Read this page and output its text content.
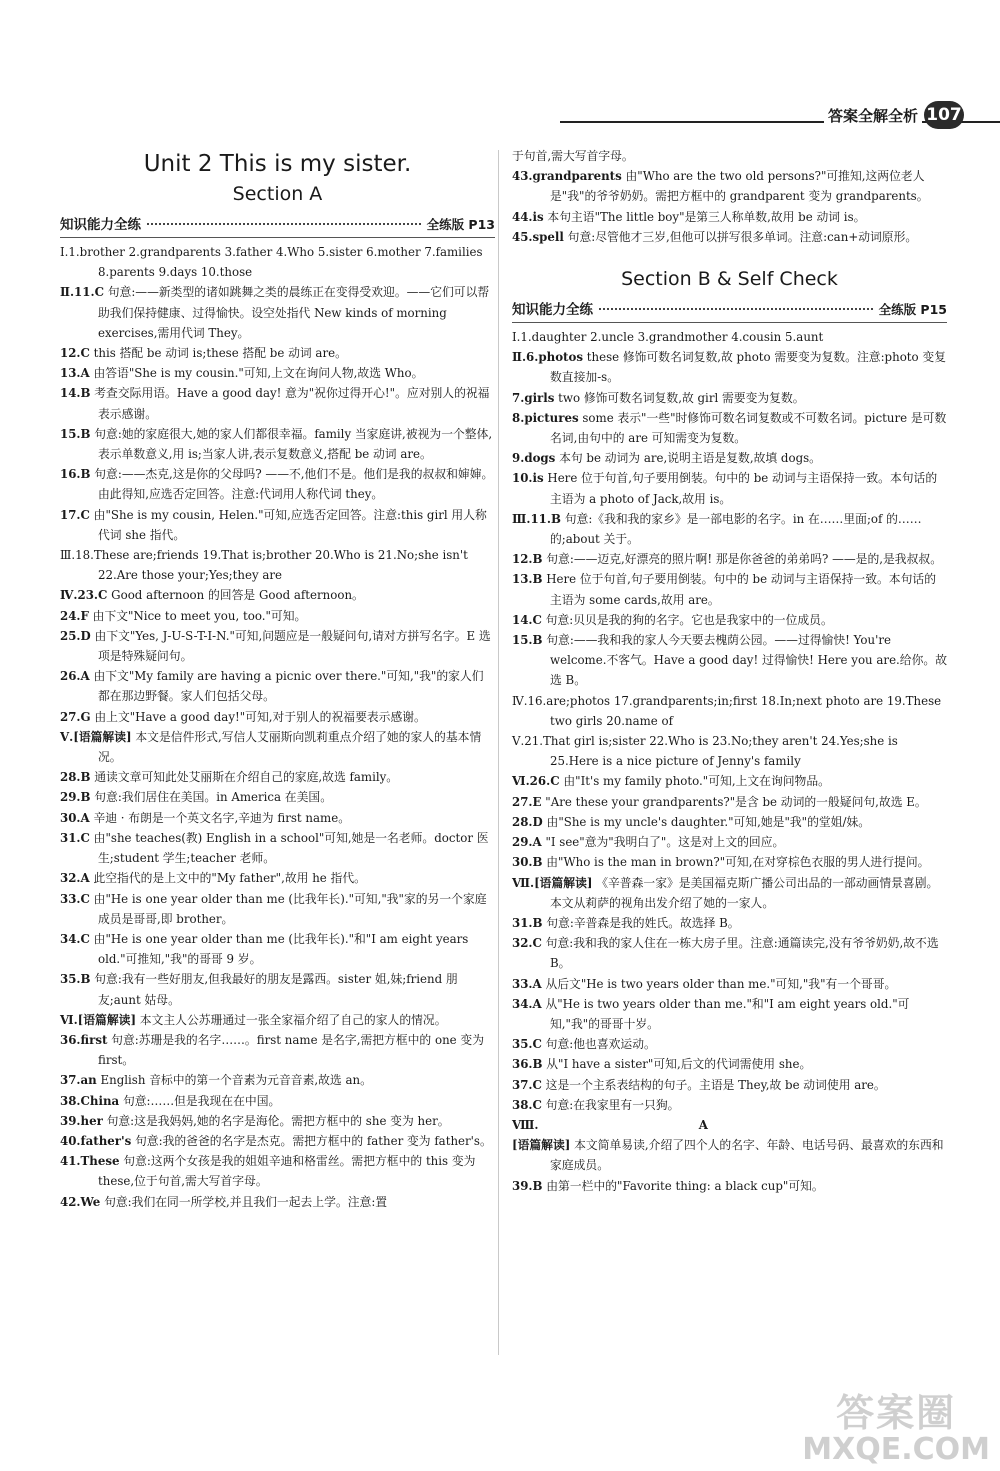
答案全解全析 107
Unit 2 This is my sister.
Section A
知识能力全练	全练版 P13
Ⅰ.1.brother 2.grandparents 3.father 4.Who 5.sister 6.mother 7.families 8.parents 9.days 10.those
Ⅱ.11.C 句意:——新类型的诸如跳舞之类的晨练正在变得受欢迎。——它们可以帮助我们保持健康、过得愉快。设空处指代 New kinds of morning exercises,需用代词 They。
12.C this 搭配 be 动词 is;these 搭配 be 动词 are。
13.A 由答语"She is my cousin."可知,上文在询问人物,故选 Who。
14.B 考查交际用语。Have a good day! 意为"祝你过得开心!"。应对别人的祝福表示感谢。
15.B 句意:她的家庭很大,她的家人们都很幸福。family 当家庭讲,被视为一个整体,表示单数意义,用 is;当家人讲,表示复数意义,搭配 be 动词 are。
16.B 句意:——杰克,这是你的父母吗? ——不,他们不是。他们是我的叔叔和婶婶。由此得知,应选否定回答。注意:代词用人称代词 they。
17.C 由"She is my cousin, Helen."可知,应选否定回答。注意:this girl 用人称代词 she 指代。
Ⅲ.18.These are;friends 19.That is;brother 20.Who is 21.No;she isn't 22.Are those your;Yes;they are
Ⅳ.23.C Good afternoon 的回答是 Good afternoon。
24.F 由下文"Nice to meet you, too."可知。
25.D 由下文"Yes, J-U-S-T-I-N."可知,问题应是一般疑问句,请对方拼写名字。E 选项是特殊疑问句。
26.A 由下文"My family are having a picnic over there."可知,"我"的家人们都在那边野餐。家人们包括父母。
27.G 由上文"Have a good day!"可知,对于别人的祝福要表示感谢。
Ⅴ.[语篇解读] 本文是信件形式,写信人艾丽斯向凯莉重点介绍了她的家人的基本情况。
28.B 通读文章可知此处艾丽斯在介绍自己的家庭,故选 family。
29.B 句意:我们居住在美国。in America 在美国。
30.A 辛迪 · 布朗是一个英文名字,辛迪为 first name。
31.C 由"she teaches(教) English in a school"可知,她是一名老师。doctor 医生;student 学生;teacher 老师。
32.A 此空指代的是上文中的"My father",故用 he 指代。
33.C 由"He is one year older than me (比我年长)."可知,"我"家的另一个家庭成员是哥哥,即 brother。
34.C 由"He is one year older than me (比我年长)."和"I am eight years old."可推知,"我"的哥哥 9 岁。
35.B 句意:我有一些好朋友,但我最好的朋友是露西。sister 姐,妹;friend 朋友;aunt 姑母。
Ⅵ.[语篇解读] 本文主人公苏珊通过一张全家福介绍了自己的家人的情况。
36.first 句意:苏珊是我的名字……。first name 是名字,需把方框中的 one 变为 first。
37.an English 音标中的第一个音素为元音音素,故选 an。
38.China 句意:……但是我现在在中国。
39.her 句意:这是我妈妈,她的名字是海伦。需把方框中的 she 变为 her。
40.father's 句意:我的爸爸的名字是杰克。需把方框中的 father 变为 father's。
41.These 句意:这两个女孩是我的姐姐辛迪和格雷丝。需把方框中的 this 变为 these,位于句首,需大写首字母。
42.We 句意:我们在同一所学校,并且我们一起去上学。注意:置
于句首,需大写首字母。
43.grandparents 由"Who are the two old persons?"可推知,这两位老人是"我"的爷爷奶奶。需把方框中的 grandparent 变为 grandparents。
44.is 本句主语"The little boy"是第三人称单数,故用 be 动词 is。
45.spell 句意:尽管他才三岁,但他可以拼写很多单词。注意:can+动词原形。
Section B & Self Check
知识能力全练	全练版 P15
Ⅰ.1.daughter 2.uncle 3.grandmother 4.cousin 5.aunt
Ⅱ.6.photos these 修饰可数名词复数,故 photo 需要变为复数。注意:photo 变复数直接加-s。
7.girls two 修饰可数名词复数,故 girl 需要变为复数。
8.pictures some 表示"一些"时修饰可数名词复数或不可数名词。picture 是可数名词,由句中的 are 可知需变为复数。
9.dogs 本句 be 动词为 are,说明主语是复数,故填 dogs。
10.is Here 位于句首,句子要用倒装。句中的 be 动词与主语保持一致。本句话的主语为 a photo of Jack,故用 is。
Ⅲ.11.B 句意:《我和我的家乡》是一部电影的名字。in 在……里面;of 的……的;about 关于。
12.B 句意:——迈克,好漂亮的照片啊! 那是你爸爸的弟弟吗? ——是的,是我叔叔。
13.B Here 位于句首,句子要用倒装。句中的 be 动词与主语保持一致。本句话的主语为 some cards,故用 are。
14.C 句意:贝贝是我的狗的名字。它也是我家中的一位成员。
15.B 句意:——我和我的家人今天要去槐荫公园。——过得愉快! You're welcome.不客气。Have a good day! 过得愉快! Here you are.给你。故选 B。
Ⅳ.16.are;photos 17.grandparents;in;first 18.In;next photo are 19.These two girls 20.name of
Ⅴ.21.That girl is;sister 22.Who is 23.No;they aren't 24.Yes;she is 25.Here is a nice picture of Jenny's family
Ⅵ.26.C 由"It's my family photo."可知,上文在询问物品。
27.E "Are these your grandparents?"是含 be 动词的一般疑问句,故选 E。
28.D 由"She is my uncle's daughter."可知,她是"我"的堂姐/妹。
29.A "I see"意为"我明白了"。这是对上文的回应。
30.B 由"Who is the man in brown?"可知,在对穿棕色衣服的男人进行提问。
Ⅶ.[语篇解读] 《辛普森一家》是美国福克斯广播公司出品的一部动画情景喜剧。本文从莉萨的视角出发介绍了她的一家人。
31.B 句意:辛普森是我的姓氏。故选择 B。
32.C 句意:我和我的家人住在一栋大房子里。注意:通篇读完,没有爷爷奶奶,故不选 B。
33.A 从后文"He is two years older than me."可知,"我"有一个哥哥。
34.A 从"He is two years older than me."和"I am eight years old."可知,"我"的哥哥十岁。
35.C 句意:他也喜欢运动。
36.B 从"I have a sister"可知,后文的代词需使用 she。
37.C 这是一个主系表结构的句子。主语是 They,故 be 动词使用 are。
38.C 句意:在我家里有一只狗。
Ⅷ.	A
[语篇解读] 本文简单易读,介绍了四个人的名字、年龄、电话号码、最喜欢的东西和家庭成员。
39.B 由第一栏中的"Favorite thing: a black cup"可知。
答案圈
MXQE.COM
